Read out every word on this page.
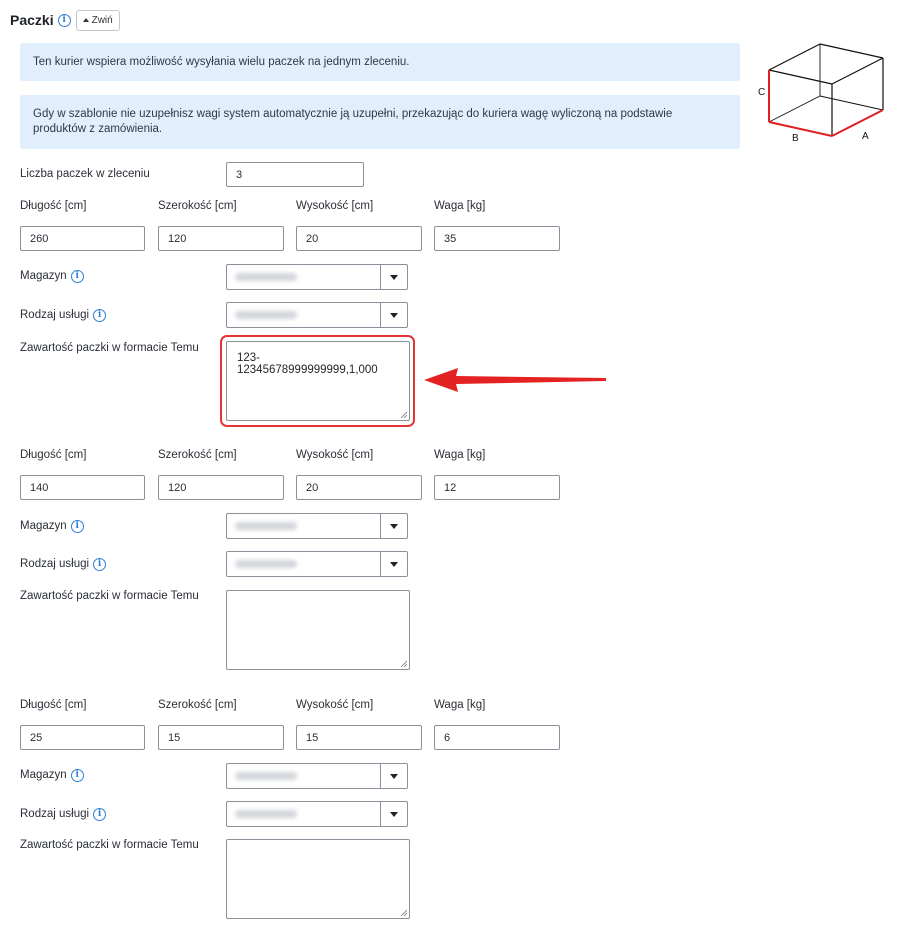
Paczki i	Zwiń
Ten kurier wspiera możliwość wysyłania wielu paczek na jednym zleceniu.
Gdy w szablonie nie uzupełnisz wagi system automatycznie ją uzupełni, przekazując do kuriera wagę wyliczoną na podstawie produktów z zamówienia.
C
B	A
Liczba paczek w zleceniu	3
Długość [cm]	Szerokość [cm]	Wysokość [cm]	Waga [kg]
260	120	20	35
Magazyn i
Rodzaj usługi i
Zawartość paczki w formacie Temu
123-12345678999999999,1,000
Długość [cm]	Szerokość [cm]	Wysokość [cm]	Waga [kg]
140	120	20	12
Magazyn i
Rodzaj usługi i
Zawartość paczki w formacie Temu
Długość [cm]	Szerokość [cm]	Wysokość [cm]	Waga [kg]
25	15	15	6
Magazyn i
Rodzaj usługi i
Zawartość paczki w formacie Temu
